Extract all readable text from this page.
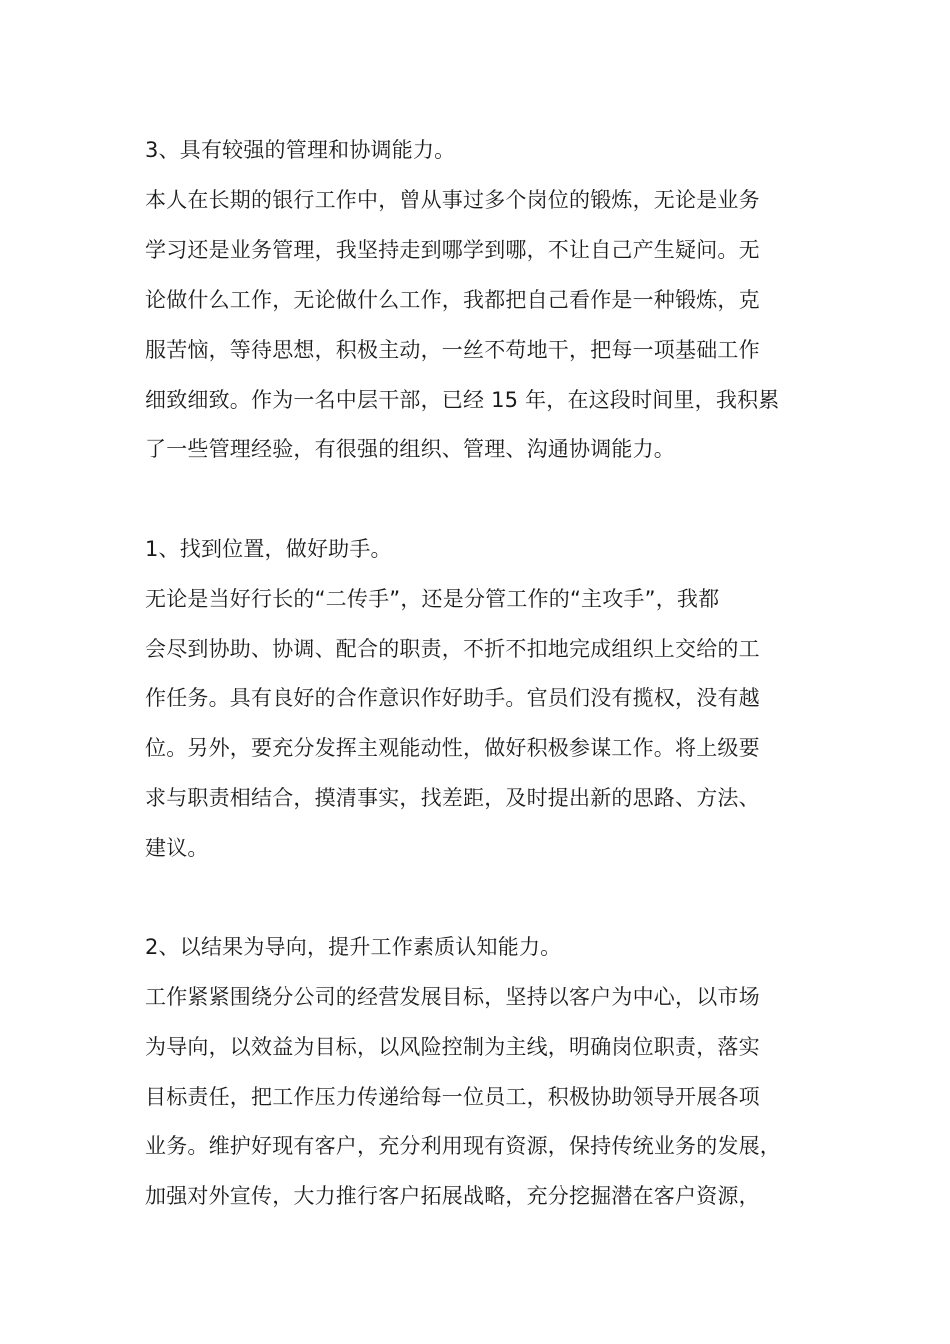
3、具有较强的管理和协调能力。
本人在长期的银行工作中，曾从事过多个岗位的锻炼，无论是业务
学习还是业务管理，我坚持走到哪学到哪，不让自己产生疑问。无
论做什么工作，无论做什么工作，我都把自己看作是一种锻炼，克
服苦恼，等待思想，积极主动，一丝不苟地干，把每一项基础工作
细致细致。作为一名中层干部，已经 15 年，在这段时间里，我积累
了一些管理经验，有很强的组织、管理、沟通协调能力。
1、找到位置，做好助手。
无论是当好行长的“二传手”，还是分管工作的“主攻手”，我都
会尽到协助、协调、配合的职责，不折不扣地完成组织上交给的工
作任务。具有良好的合作意识作好助手。官员们没有揽权，没有越
位。另外，要充分发挥主观能动性，做好积极参谋工作。将上级要
求与职责相结合，摸清事实，找差距，及时提出新的思路、方法、
建议。
2、以结果为导向，提升工作素质认知能力。
工作紧紧围绕分公司的经营发展目标，坚持以客户为中心，以市场
为导向，以效益为目标，以风险控制为主线，明确岗位职责，落实
目标责任，把工作压力传递给每一位员工，积极协助领导开展各项
业务。维护好现有客户，充分利用现有资源，保持传统业务的发展，
加强对外宣传，大力推行客户拓展战略，充分挖掘潜在客户资源，
